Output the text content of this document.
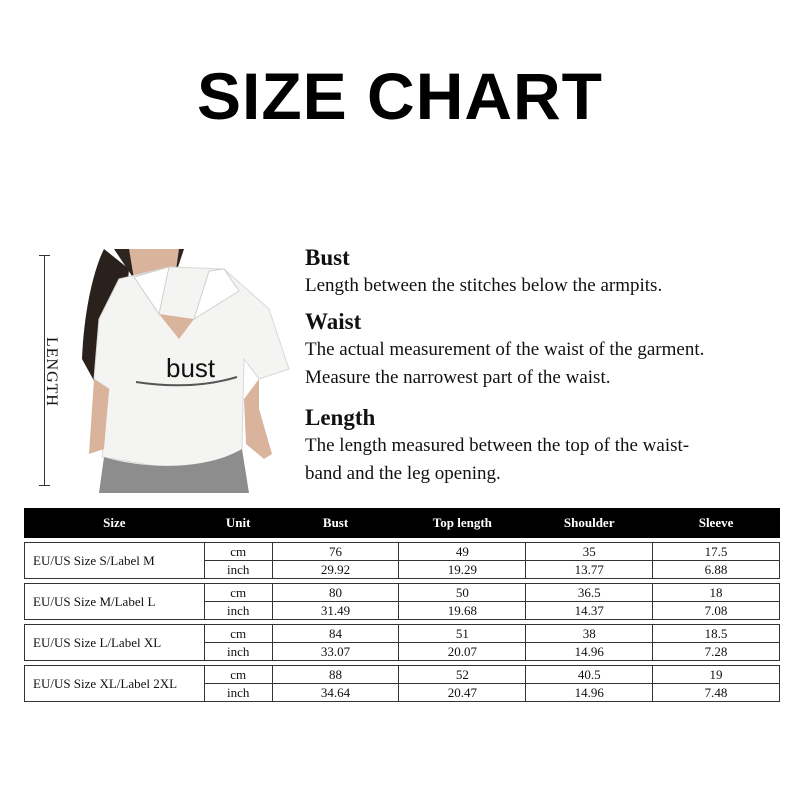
SIZE CHART
LENGTH	bust
Bust

Length between the stitches below the armpits.

Waist

The actual measurement of the waist of the garment.

Measure the narrowest part of the waist.

Length

The length measured between the top of the waist-

band and the leg opening.

Size	Unit	Bust	Top length	Shoulder	Sleeve

EU/US Size S/Label M	cm	76	49	35	17.5
	inch	29.92	19.29	13.77	6.88

EU/US Size M/Label L	cm	80	50	36.5	18
	inch	31.49	19.68	14.37	7.08

EU/US Size L/Label XL	cm	84	51	38	18.5
	inch	33.07	20.07	14.96	7.28

EU/US Size XL/Label 2XL	cm	88	52	40.5	19
	inch	34.64	20.47	14.96	7.48
